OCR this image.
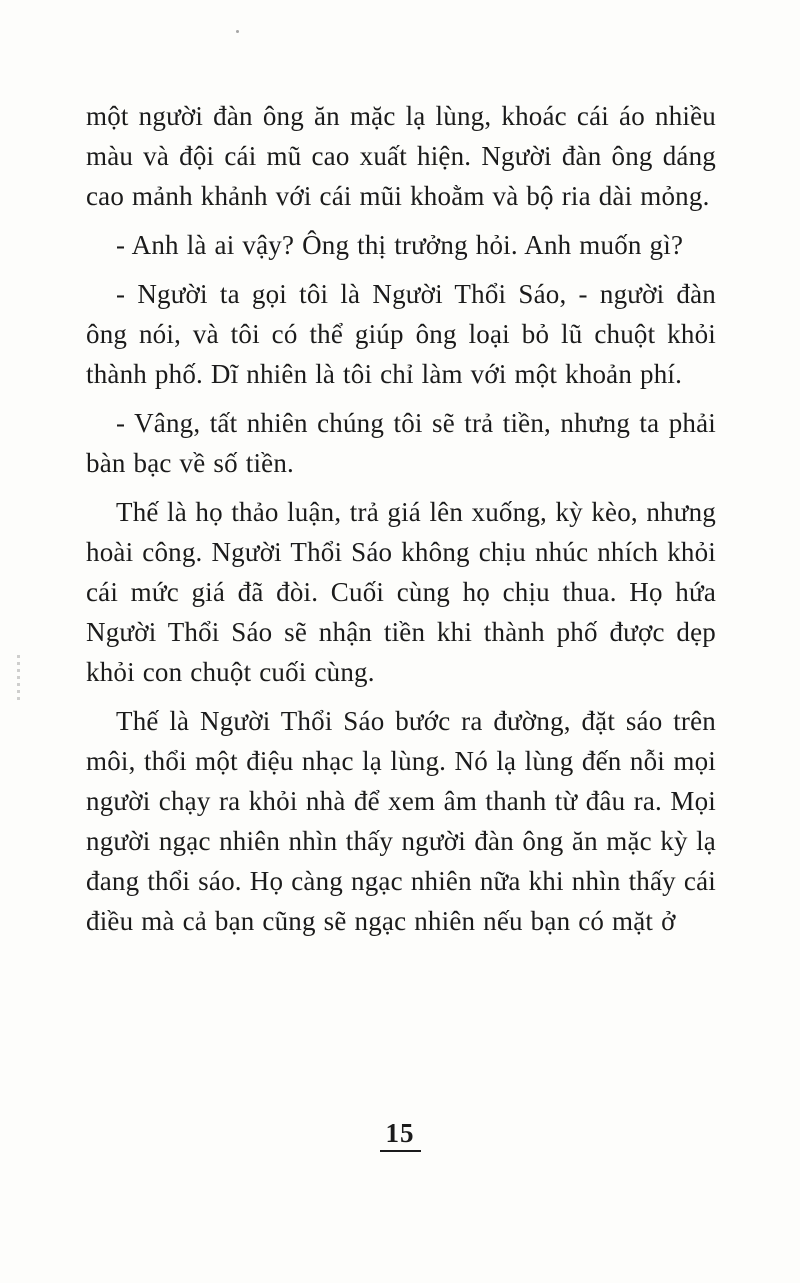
một người đàn ông ăn mặc lạ lùng, khoác cái áo nhiều màu và đội cái mũ cao xuất hiện. Người đàn ông dáng cao mảnh khảnh với cái mũi khoằm và bộ ria dài mỏng.

- Anh là ai vậy? Ông thị trưởng hỏi. Anh muốn gì?

- Người ta gọi tôi là Người Thổi Sáo, - người đàn ông nói, và tôi có thể giúp ông loại bỏ lũ chuột khỏi thành phố. Dĩ nhiên là tôi chỉ làm với một khoản phí.

- Vâng, tất nhiên chúng tôi sẽ trả tiền, nhưng ta phải bàn bạc về số tiền.

Thế là họ thảo luận, trả giá lên xuống, kỳ kèo, nhưng hoài công. Người Thổi Sáo không chịu nhúc nhích khỏi cái mức giá đã đòi. Cuối cùng họ chịu thua. Họ hứa Người Thổi Sáo sẽ nhận tiền khi thành phố được dẹp khỏi con chuột cuối cùng.

Thế là Người Thổi Sáo bước ra đường, đặt sáo trên môi, thổi một điệu nhạc lạ lùng. Nó lạ lùng đến nỗi mọi người chạy ra khỏi nhà để xem âm thanh từ đâu ra. Mọi người ngạc nhiên nhìn thấy người đàn ông ăn mặc kỳ lạ đang thổi sáo. Họ càng ngạc nhiên nữa khi nhìn thấy cái điều mà cả bạn cũng sẽ ngạc nhiên nếu bạn có mặt ở

15
